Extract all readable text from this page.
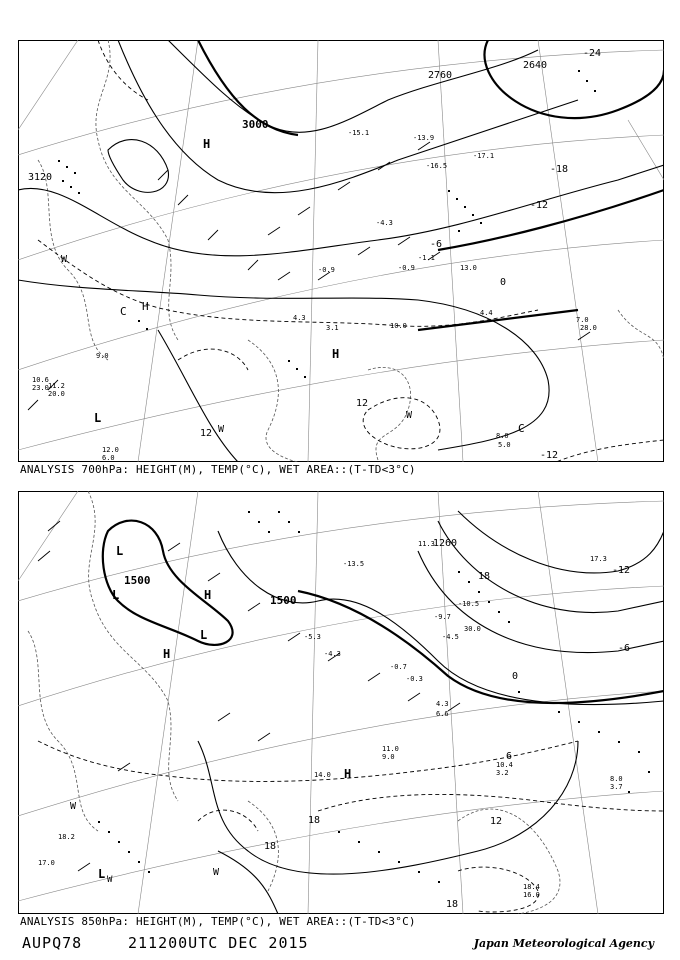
3000
3120
2760
2640
-24
-18
-12
-6
0
12
12
-12
H
H
H
L
C
C
W
W
W
-15.1
-13.9
-16.5
-17.1
-4.3
-0.9
-1.1
13.0
10.0
7.0
28.0
4.4
-0.9
8.0
5.0
12.0
6.0
10.6
23.0
20.0
9.0
4.3
3.1
11.2
ANALYSIS 700hPa: HEIGHT(M), TEMP(°C), WET AREA::(T-TD<3°C)
1500
1500
1260
-12
-6
0
6
12
18
18
18
18
L
L
L
L
H
H
H
W
W
W
-13.5
-10.5
-9.7
-5.3
-4.3
-0.7
-0.3
30.0
10.4
3.2
8.0
3.7
18.4
16.0
11.0
9.0
14.0
6.6
4.3
-4.5
17.3
18.2
17.0
11.3
ANALYSIS 850hPa: HEIGHT(M), TEMP(°C), WET AREA::(T-TD<3°C)
AUPQ78	211200UTC DEC 2015	Japan Meteorological Agency
